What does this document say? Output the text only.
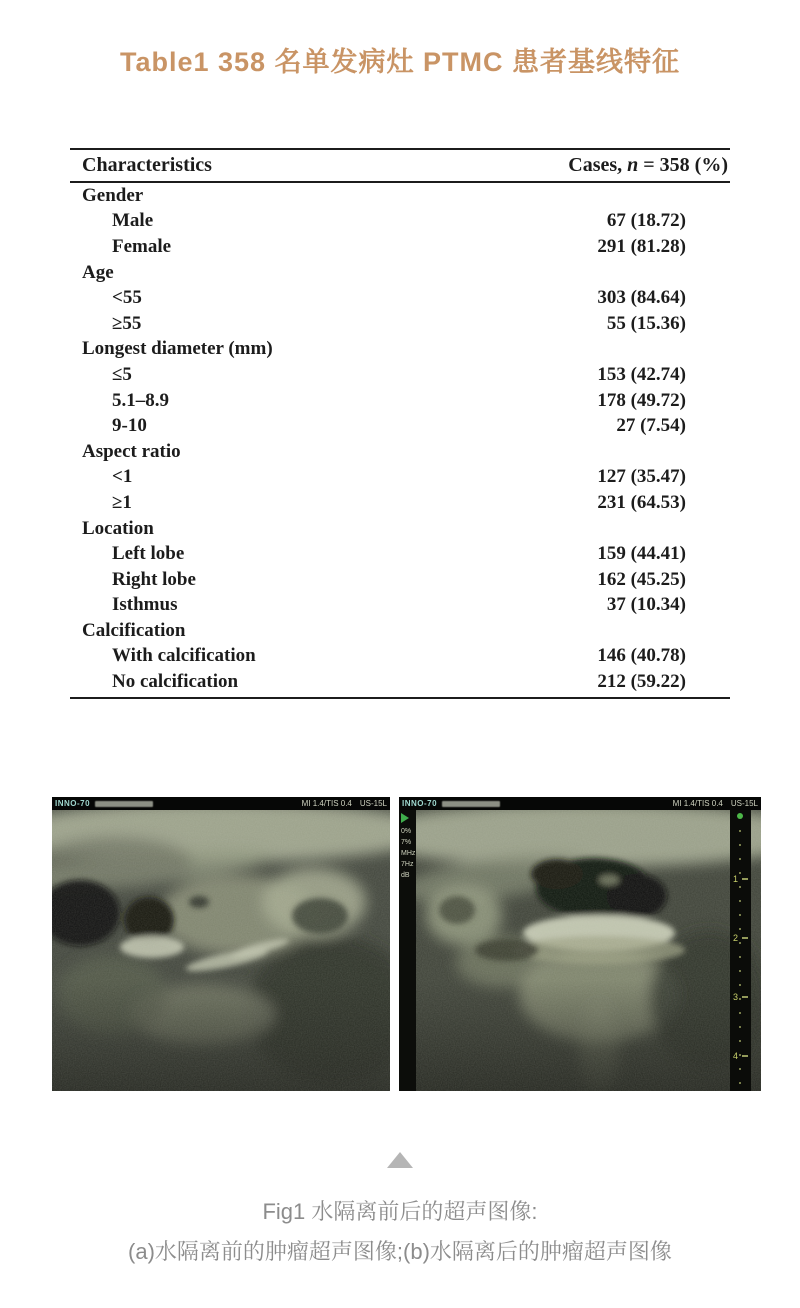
Table1 358 名单发病灶 PTMC 患者基线特征
Characteristics	Cases, n = 358 (%)
Gender
Male	67 (18.72)
Female	291 (81.28)
Age
<55	303 (84.64)
≥55	55 (15.36)
Longest diameter (mm)
≤5	153 (42.74)
5.1–8.9	178 (49.72)
9-10	27 (7.54)
Aspect ratio
<1	127 (35.47)
≥1	231 (64.53)
Location
Left lobe	159 (44.41)
Right lobe	162 (45.25)
Isthmus	37 (10.34)
Calcification
With calcification	146 (40.78)
No calcification	212 (59.22)
INNO-70	MI 1.4/TIS 0.4 US-15L INNO-70	MI 1.4/TIS 0.4 US-15L
0%
7%
MHz
7Hz
dB	1
2
3
4
Fig1 水隔离前后的超声图像:
(a)水隔离前的肿瘤超声图像;(b)水隔离后的肿瘤超声图像
